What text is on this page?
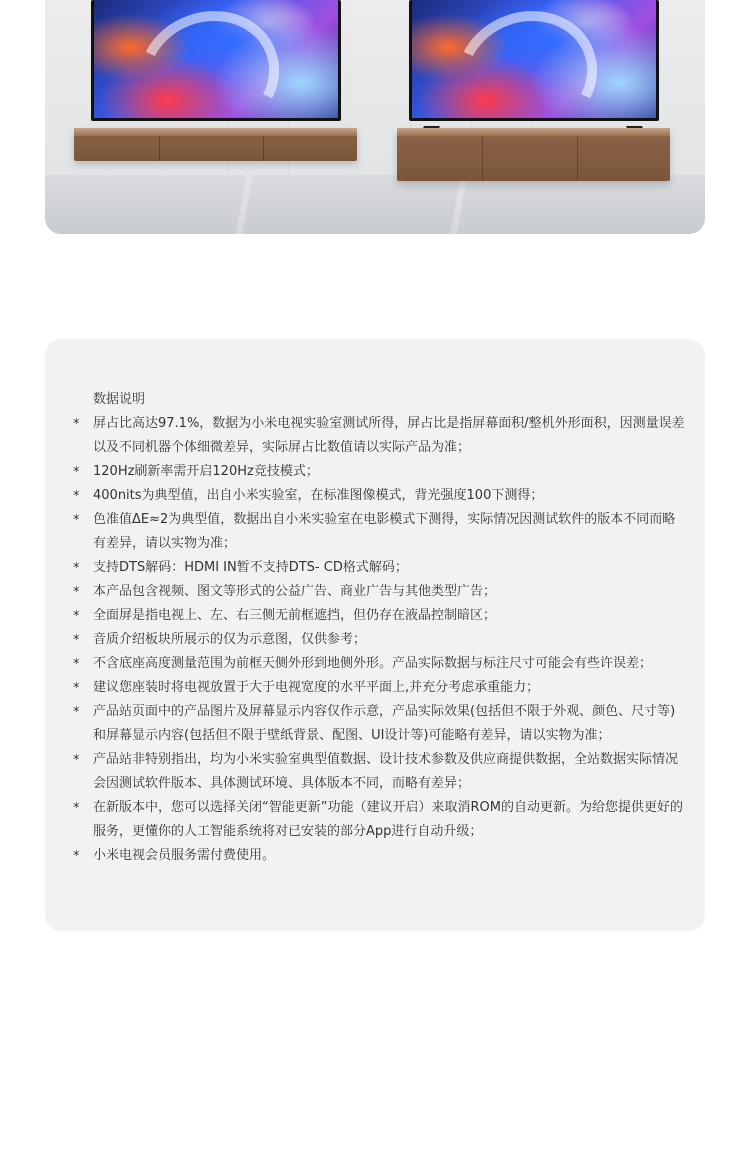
数据说明
* 屏占比高达97.1%，数据为小米电视实验室测试所得，屏占比是指屏幕面积/整机外形面积，因测量误差以及不同机器个体细微差异，实际屏占比数值请以实际产品为准；
* 120Hz刷新率需开启120Hz竞技模式；
* 400nits为典型值，出自小米实验室，在标准图像模式，背光强度100下测得；
* 色准值ΔE≈2为典型值，数据出自小米实验室在电影模式下测得，实际情况因测试软件的版本不同而略有差异，请以实物为准；
* 支持DTS解码：HDMI IN暂不支持DTS- CD格式解码；
* 本产品包含视频、图文等形式的公益广告、商业广告与其他类型广告；
* 全面屏是指电视上、左、右三侧无前框遮挡，但仍存在液晶控制暗区；
* 音质介绍板块所展示的仅为示意图，仅供参考；
* 不含底座高度测量范围为前框天侧外形到地侧外形。产品实际数据与标注尺寸可能会有些许误差；
* 建议您座装时将电视放置于大于电视宽度的水平平面上,并充分考虑承重能力；
* 产品站页面中的产品图片及屏幕显示内容仅作示意，产品实际效果(包括但不限于外观、颜色、尺寸等)和屏幕显示内容(包括但不限于壁纸背景、配图、UI设计等)可能略有差异，请以实物为准；
* 产品站非特别指出，均为小米实验室典型值数据、设计技术参数及供应商提供数据，全站数据实际情况会因测试软件版本、具体测试环境、具体版本不同，而略有差异；
* 在新版本中，您可以选择关闭“智能更新”功能（建议开启）来取消ROM的自动更新。为给您提供更好的服务，更懂你的人工智能系统将对已安装的部分App进行自动升级；
* 小米电视会员服务需付费使用。
